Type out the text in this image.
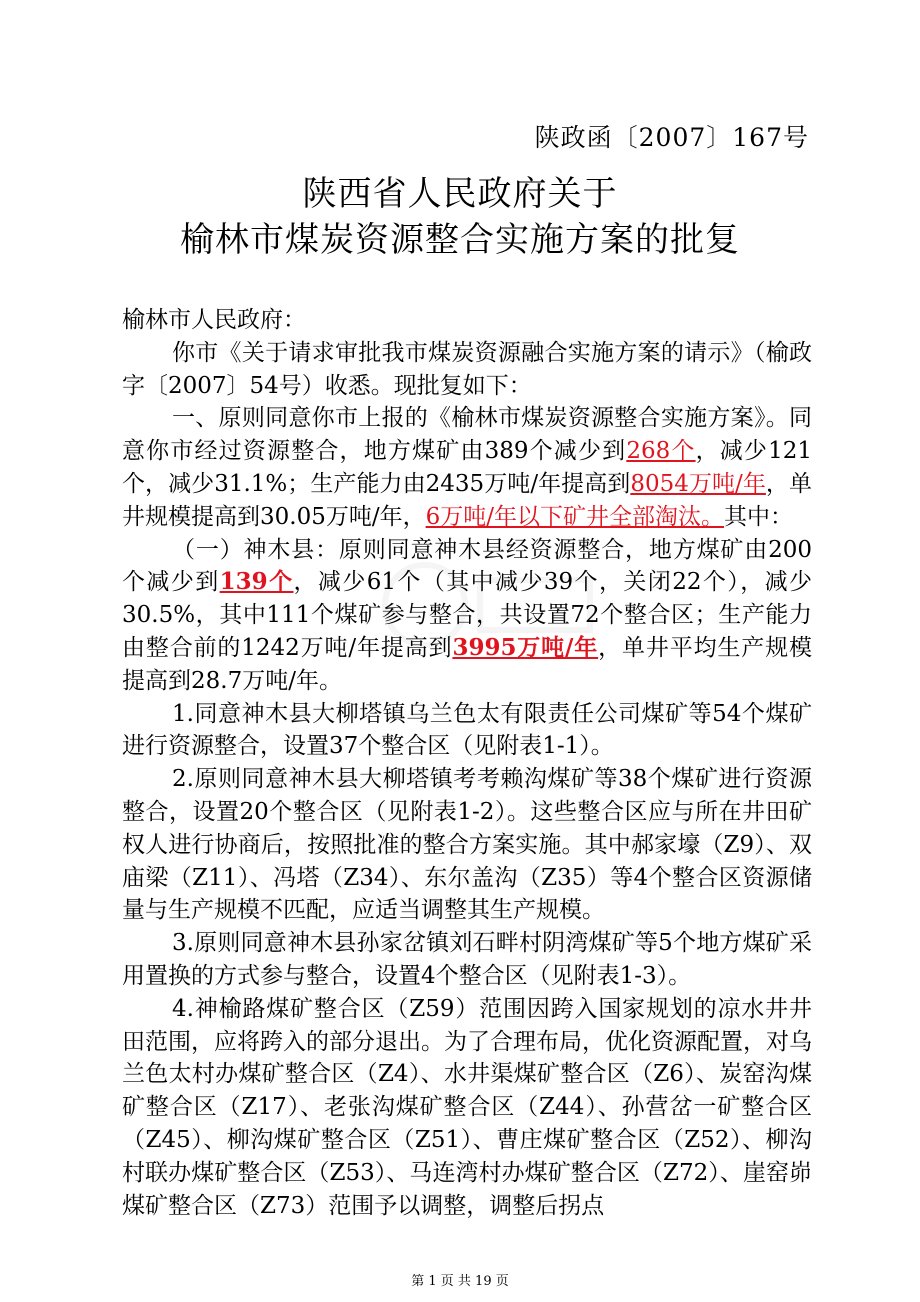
陕政函〔2007〕167号
陕西省人民政府关于
榆林市煤炭资源整合实施方案的批复

榆林市人民政府：

你市《关于请求审批我市煤炭资源融合实施方案的请示》（榆政字〔2007〕54号）收悉。现批复如下：

一、原则同意你市上报的《榆林市煤炭资源整合实施方案》。同意你市经过资源整合，地方煤矿由389个减少到268个，减少121个，减少31.1%；生产能力由2435万吨/年提高到8054万吨/年，单井规模提高到30.05万吨/年，6万吨/年以下矿井全部淘汰。其中：

（一）神木县：原则同意神木县经资源整合，地方煤矿由200个减少到139个，减少61个（其中减少39个，关闭22个），减少30.5%，其中111个煤矿参与整合，共设置72个整合区；生产能力由整合前的1242万吨/年提高到3995万吨/年，单井平均生产规模提高到28.7万吨/年。

1.同意神木县大柳塔镇乌兰色太有限责任公司煤矿等54个煤矿进行资源整合，设置37个整合区（见附表1-1）。

2.原则同意神木县大柳塔镇考考赖沟煤矿等38个煤矿进行资源整合，设置20个整合区（见附表1-2）。这些整合区应与所在井田矿权人进行协商后，按照批准的整合方案实施。其中郝家壕（Z9）、双庙梁（Z11）、冯塔（Z34）、东尔盖沟（Z35）等4个整合区资源储量与生产规模不匹配，应适当调整其生产规模。

3.原则同意神木县孙家岔镇刘石畔村阴湾煤矿等5个地方煤矿采用置换的方式参与整合，设置4个整合区（见附表1-3）。

4.神榆路煤矿整合区（Z59）范围因跨入国家规划的凉水井井田范围，应将跨入的部分退出。为了合理布局，优化资源配置，对乌兰色太村办煤矿整合区（Z4）、水井渠煤矿整合区（Z6）、炭窑沟煤矿整合区（Z17）、老张沟煤矿整合区（Z44）、孙营岔一矿整合区（Z45）、柳沟煤矿整合区（Z51）、曹庄煤矿整合区（Z52）、柳沟村联办煤矿整合区（Z53）、马连湾村办煤矿整合区（Z72）、崖窑峁煤矿整合区（Z73）范围予以调整，调整后拐点

第 1 页 共 19 页
